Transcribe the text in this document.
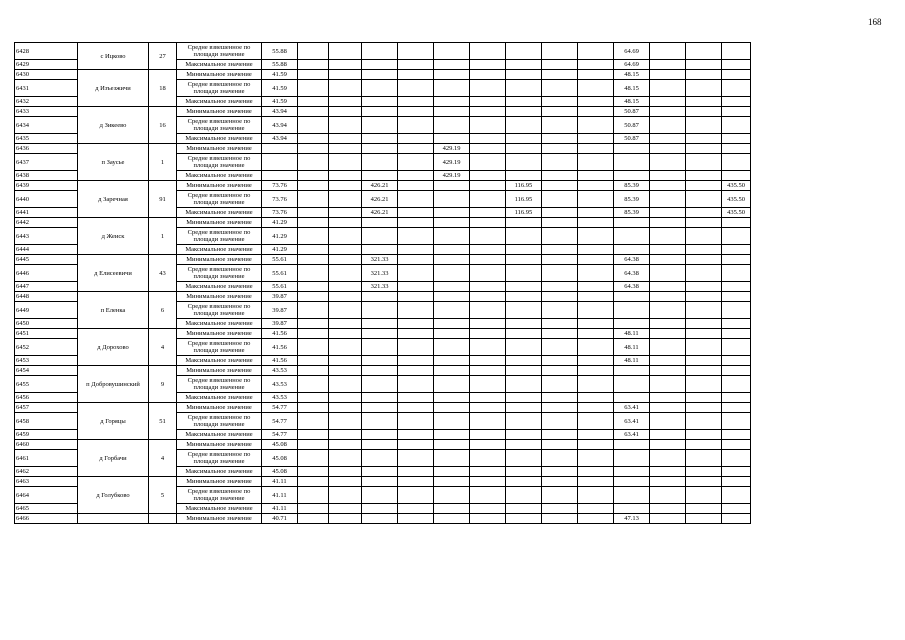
168
6428	с Ицково	27	Средне взвешенное по площади значение	55.88										64.69			
6429			Максимальное значение	55.88										64.69			
6430	д Изъезжичи	18	Минимальное значение	41.59										48.15			
6431			Средне взвешенное по площади значение	41.59										48.15			
6432			Максимальное значение	41.59										48.15			
6433	д Зикеево	16	Минимальное значение	43.94										50.87			
6434			Средне взвешенное по площади значение	43.94										50.87			
6435			Максимальное значение	43.94										50.87			
6436	п Заусье	1	Минимальное значение						429.19								
6437			Средне взвешенное по площади значение						429.19								
6438			Максимальное значение						429.19								
6439	д Заречная	91	Минимальное значение	73.76			426.21				116.95			85.39			435.50
6440			Средне взвешенное по площади значение	73.76			426.21				116.95			85.39			435.50
6441			Максимальное значение	73.76			426.21				116.95			85.39			435.50
6442	д Жеиск	1	Минимальное значение	41.29													
6443			Средне взвешенное по площади значение	41.29													
6444			Максимальное значение	41.29													
6445	д Елисеевичи	43	Минимальное значение	55.61			321.33							64.38			
6446			Средне взвешенное по площади значение	55.61			321.33							64.38			
6447			Максимальное значение	55.61			321.33							64.38			
6448	п Еленка	6	Минимальное значение	39.87													
6449			Средне взвешенное по площади значение	39.87													
6450			Максимальное значение	39.87													
6451	д Дорохово	4	Минимальное значение	41.56										48.11			
6452			Средне взвешенное по площади значение	41.56										48.11			
6453			Максимальное значение	41.56										48.11			
6454	п Добровушинский	9	Минимальное значение	43.53													
6455			Средне взвешенное по площади значение	43.53													
6456			Максимальное значение	43.53													
6457	д Горяцы	51	Минимальное значение	54.77										63.41			
6458			Средне взвешенное по площади значение	54.77										63.41			
6459			Максимальное значение	54.77										63.41			
6460	д Горбачи	4	Минимальное значение	45.08													
6461			Средне взвешенное по площади значение	45.08													
6462			Максимальное значение	45.08													
6463	д Голубково	5	Минимальное значение	41.11													
6464			Средне взвешенное по площади значение	41.11													
6465			Максимальное значение	41.11													
6466			Минимальное значение	40.71										47.13			
